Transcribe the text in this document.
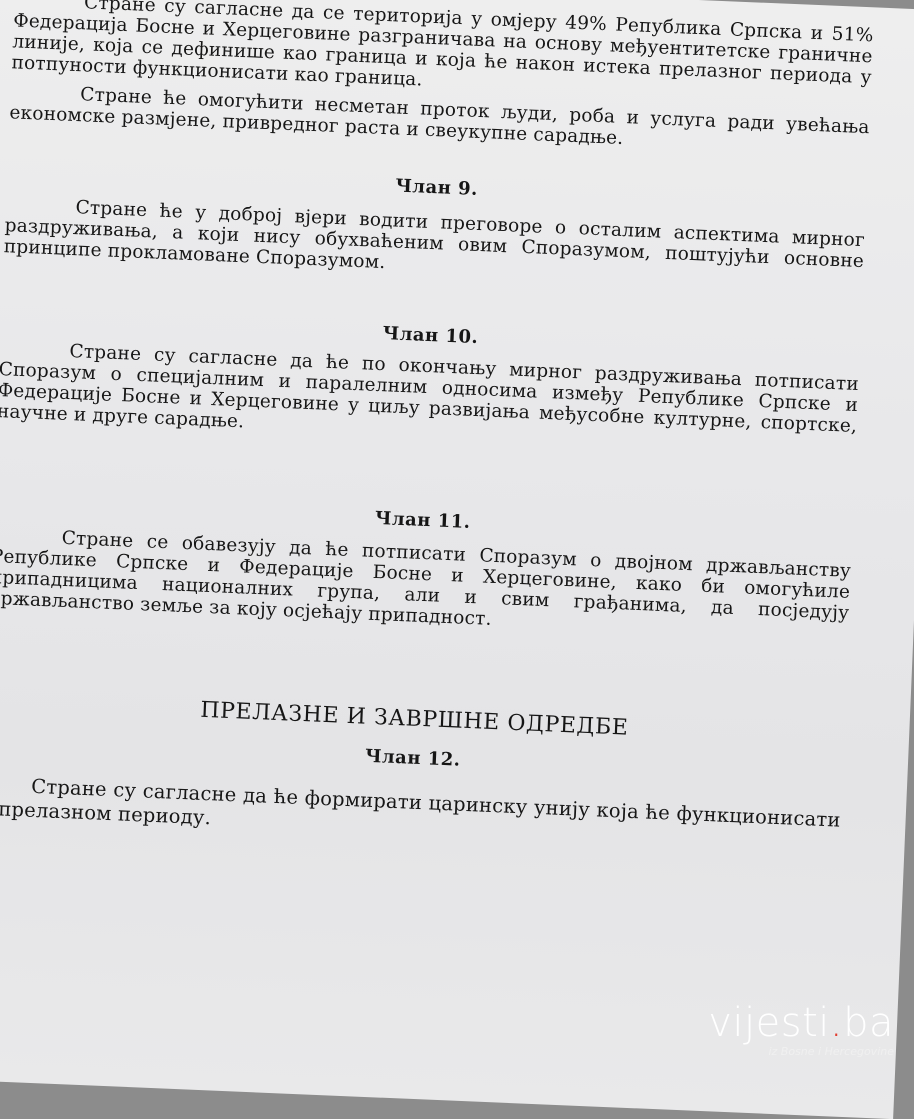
Стране су сагласне да се територија у омјеру 49% Република Српска и 51% Федерација Босне и Херцеговине разграничава на основу међуентитетске граничне линије, која се дефинише као граница и која ће након истека прелазног периода у потпуности функционисати као граница.

Стране ће омогућити несметан проток људи, роба и услуга ради увећања економске размјене, привредног раста и свеукупне сарадње.

Члан 9.

Стране ће у доброј вјери водити преговоре о осталим аспектима мирног раздруживања, а који нису обухваћеним овим Споразумом, поштујући основне принципе прокламоване Споразумом.

Члан 10.

Стране су сагласне да ће по окончању мирног раздруживања потписати Споразум о специјалним и паралелним односима између Републике Српске и Федерације Босне и Херцеговине у циљу развијања међусобне културне, спортске, научне и друге сарадње.

Члан 11.

Стране се обавезују да ће потписати Споразум о двојном држављанству Републике Српске и Федерације Босне и Херцеговине, како би омогућиле припадницима националних група, али и свим грађанима, да посједују држављанство земље за коју осјећају припадност.

ПРЕЛАЗНЕ И ЗАВРШНЕ ОДРЕДБЕ
Члан 12.

Стране су сагласне да ће формирати царинску унију која ће функционисати у прелазном периоду.

vijesti.ba
iz Bosne i Hercegovine
